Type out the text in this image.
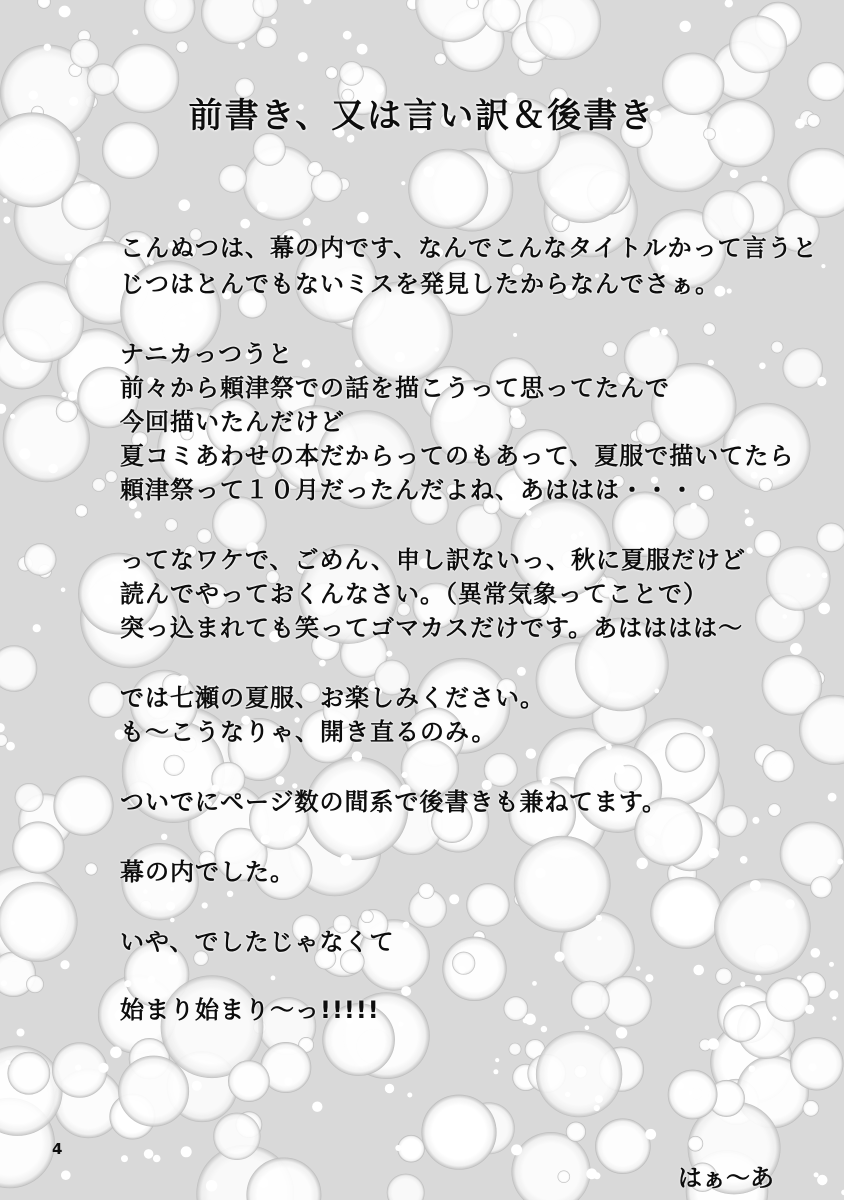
前書き、又は言い訳＆後書き
こんぬつは、幕の内です、なんでこんなタイトルかって言うと
じつはとんでもないミスを発見したからなんでさぁ。
ナニカっつうと
前々から頼津祭での話を描こうって思ってたんで
今回描いたんだけど
夏コミあわせの本だからってのもあって、夏服で描いてたら
頼津祭って１０月だったんだよね、あははは・・・
ってなワケで、ごめん、申し訳ないっ、秋に夏服だけど
読んでやっておくんなさい。（異常気象ってことで）
突っ込まれても笑ってゴマカスだけです。あはははは～
では七瀬の夏服、お楽しみください。
も～こうなりゃ、開き直るのみ。
ついでにページ数の間系で後書きも兼ねてます。
幕の内でした。
いや、でしたじゃなくて
始まり始まり～っ!!!!!
4
はぁ～あ
